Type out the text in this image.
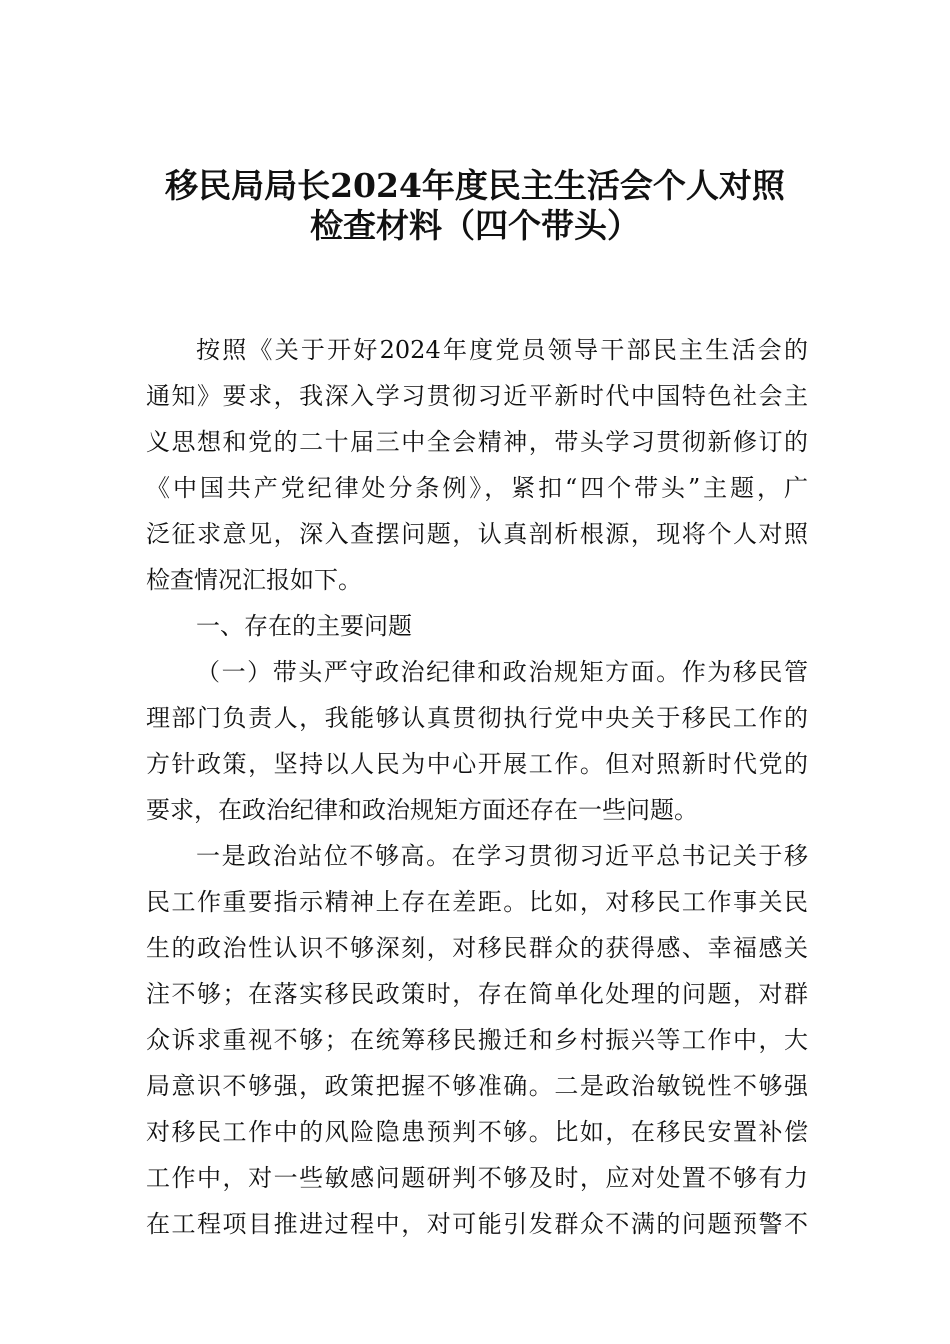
移民局局长2024年度民主生活会个人对照
检查材料（四个带头）
按照《关于开好2024年度党员领导干部民主生活会的
通知》要求，我深入学习贯彻习近平新时代中国特色社会主
义思想和党的二十届三中全会精神，带头学习贯彻新修订的
《中国共产党纪律处分条例》，紧扣“四个带头”主题，广
泛征求意见，深入查摆问题，认真剖析根源，现将个人对照
检查情况汇报如下。
一、存在的主要问题
（一）带头严守政治纪律和政治规矩方面。作为移民管
理部门负责人，我能够认真贯彻执行党中央关于移民工作的
方针政策，坚持以人民为中心开展工作。但对照新时代党的
要求，在政治纪律和政治规矩方面还存在一些问题。
一是政治站位不够高。在学习贯彻习近平总书记关于移
民工作重要指示精神上存在差距。比如，对移民工作事关民
生的政治性认识不够深刻，对移民群众的获得感、幸福感关
注不够；在落实移民政策时，存在简单化处理的问题，对群
众诉求重视不够；在统筹移民搬迁和乡村振兴等工作中，大
局意识不够强，政策把握不够准确。二是政治敏锐性不够强
对移民工作中的风险隐患预判不够。比如，在移民安置补偿
工作中，对一些敏感问题研判不够及时，应对处置不够有力
在工程项目推进过程中，对可能引发群众不满的问题预警不
